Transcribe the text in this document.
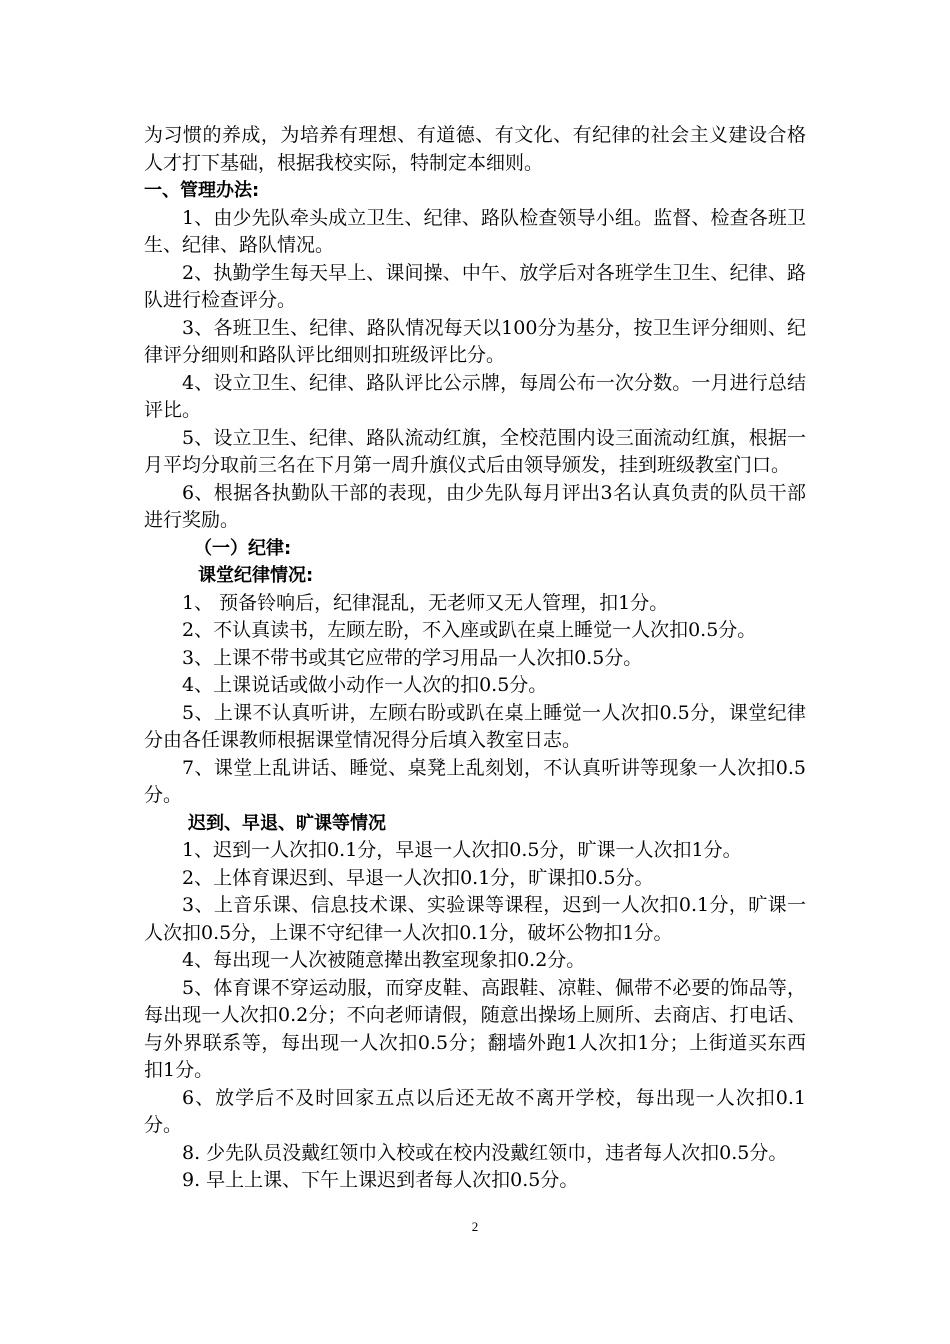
为习惯的养成，为培养有理想、有道德、有文化、有纪律的社会主义建设合格人才打下基础，根据我校实际，特制定本细则。

一、管理办法:

1、由少先队牵头成立卫生、纪律、路队检查领导小组。监督、检查各班卫生、纪律、路队情况。

2、执勤学生每天早上、课间操、中午、放学后对各班学生卫生、纪律、路队进行检查评分。

3、各班卫生、纪律、路队情况每天以100分为基分，按卫生评分细则、纪律评分细则和路队评比细则扣班级评比分。

4、设立卫生、纪律、路队评比公示牌，每周公布一次分数。一月进行总结评比。

5、设立卫生、纪律、路队流动红旗，全校范围内设三面流动红旗，根据一月平均分取前三名在下月第一周升旗仪式后由领导颁发，挂到班级教室门口。

6、根据各执勤队干部的表现，由少先队每月评出3名认真负责的队员干部进行奖励。

（一）纪律:

课堂纪律情况:

1、 预备铃响后，纪律混乱，无老师又无人管理，扣1分。

2、不认真读书，左顾左盼，不入座或趴在桌上睡觉一人次扣0.5分。

3、上课不带书或其它应带的学习用品一人次扣0.5分。

4、上课说话或做小动作一人次的扣0.5分。

5、上课不认真听讲，左顾右盼或趴在桌上睡觉一人次扣0.5分，课堂纪律分由各任课教师根据课堂情况得分后填入教室日志。

7、课堂上乱讲话、睡觉、桌凳上乱刻划，不认真听讲等现象一人次扣0.5分。

迟到、早退、旷课等情况

1、迟到一人次扣0.1分，早退一人次扣0.5分，旷课一人次扣1分。

2、上体育课迟到、早退一人次扣0.1分，旷课扣0.5分。

3、上音乐课、信息技术课、实验课等课程，迟到一人次扣0.1分，旷课一人次扣0.5分，上课不守纪律一人次扣0.1分，破坏公物扣1分。

4、每出现一人次被随意撵出教室现象扣0.2分。

5、体育课不穿运动服，而穿皮鞋、高跟鞋、凉鞋、佩带不必要的饰品等，每出现一人次扣0.2分；不向老师请假，随意出操场上厕所、去商店、打电话、与外界联系等，每出现一人次扣0.5分；翻墙外跑1人次扣1分；上街道买东西扣1分。

6、放学后不及时回家五点以后还无故不离开学校，每出现一人次扣0.1分。

8. 少先队员没戴红领巾入校或在校内没戴红领巾，违者每人次扣0.5分。

9. 早上上课、下午上课迟到者每人次扣0.5分。

2
